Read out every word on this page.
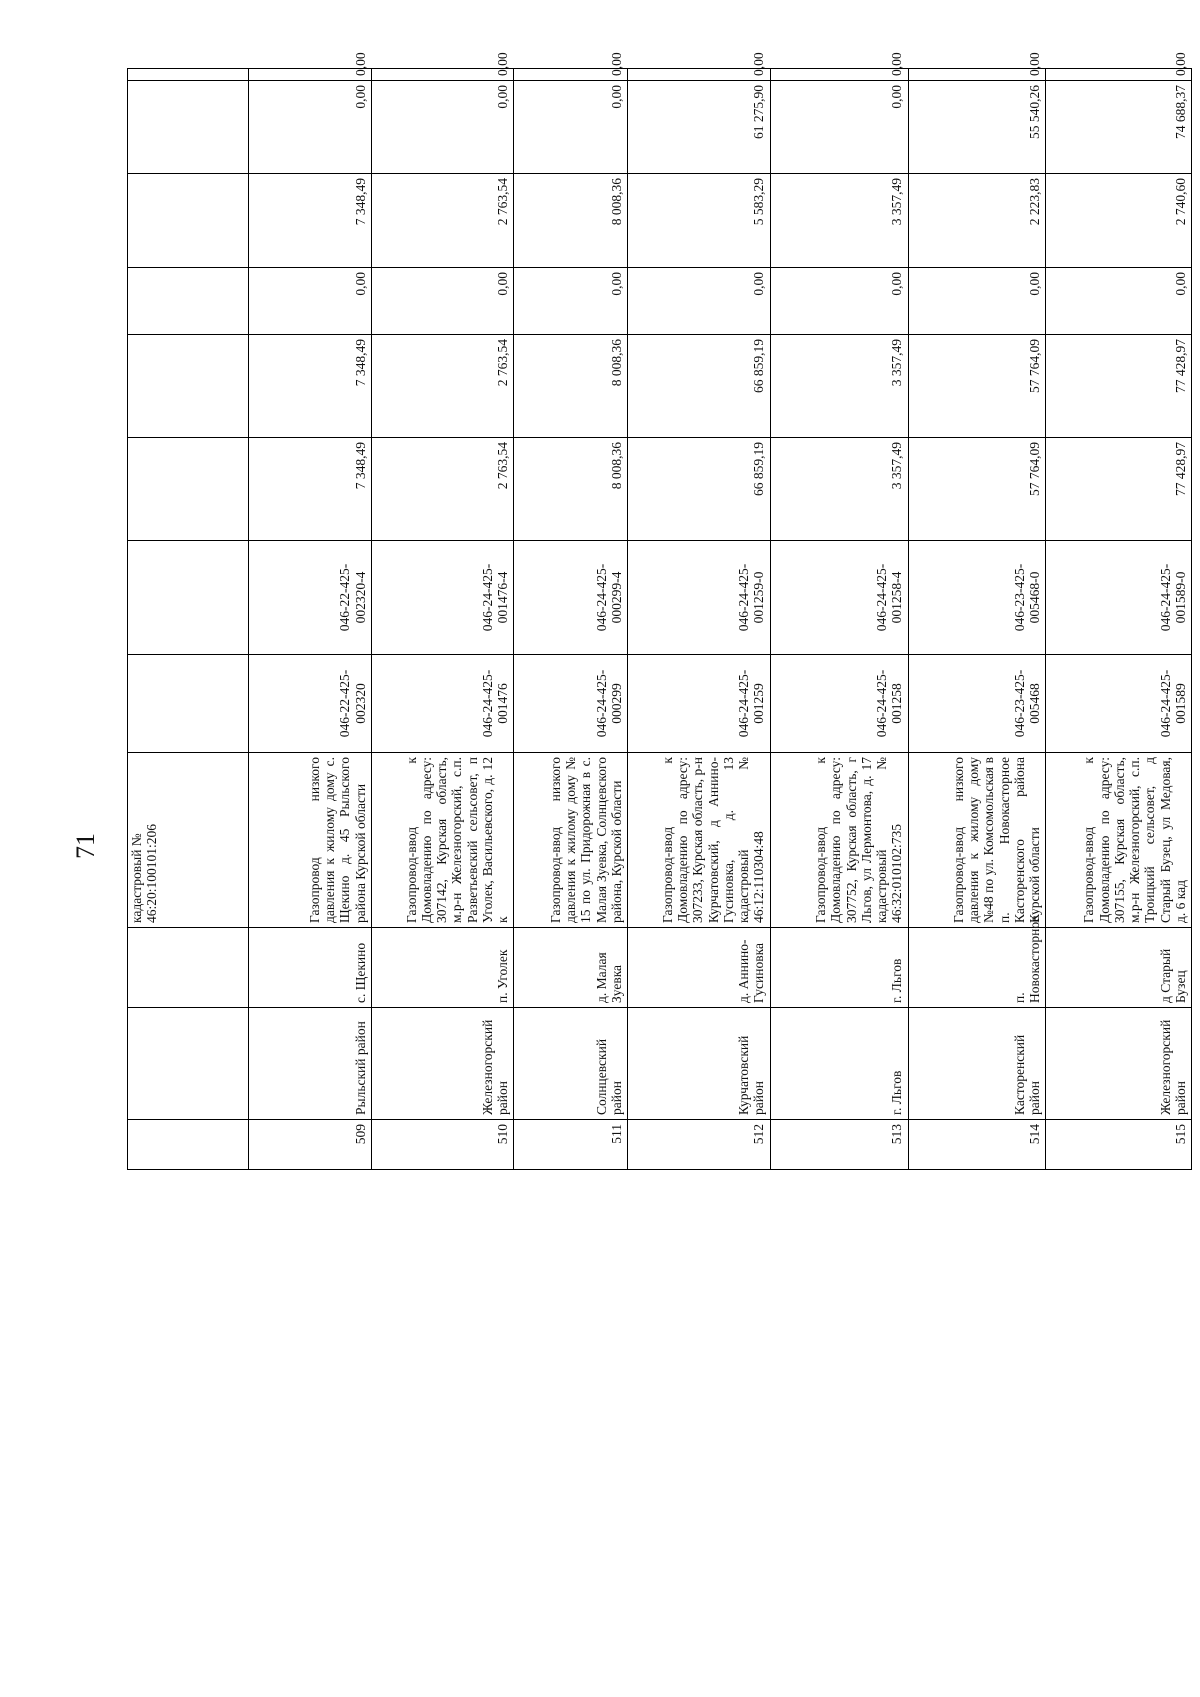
71
			кадастровый №
46:20:100101:206								
509	Рыльский район	с. Щекино	Газопровод низкого давления к жилому дому с. Щекино д. 45 Рыльского района Курской области	046-22-425-002320	046-22-425-002320-4	7 348,49	7 348,49	0,00	7 348,49	0,00	0,00
510	Железногорский район	п. Уголек	Газопровод-ввод к Домовладению по адресу: 307142, Курская область, м.р-н Железногорский, с.п. Разветьевский сельсовет, п Уголек, Васильевского, д. 12 к	046-24-425-001476	046-24-425-001476-4	2 763,54	2 763,54	0,00	2 763,54	0,00	0,00
511	Солнцевский район	д. Малая Зуевка	Газопровод-ввод низкого давления к жилому дому № 15 по ул. Придорожная в с. Малая Зуевка, Солнцевского района, Курской области	046-24-425-000299	046-24-425-000299-4	8 008,36	8 008,36	0,00	8 008,36	0,00	0,00
512	Курчатовский район	д. Аннино-Гусиновка	Газопровод-ввод к Домовладению по адресу: 307233, Курская область, р-н Курчатовский, д Аннино-Гусиновка, д. 13 кадастровый № 46:12:110304:48	046-24-425-001259	046-24-425-001259-0	66 859,19	66 859,19	0,00	5 583,29	61 275,90	0,00
513	г. Льгов	г. Льгов	Газопровод-ввод к Домовладению по адресу: 307752, Курская область, г Льгов, ул Лермонтова, д. 17 кадастровый № 46:32:010102:735	046-24-425-001258	046-24-425-001258-4	3 357,49	3 357,49	0,00	3 357,49	0,00	0,00
514	Касторенский район	п. Новокасторное	Газопровод-ввод низкого давления к жилому дому №48 по ул. Комсомольская в п. Новокасторное Касторенского района Курской области	046-23-425-005468	046-23-425-005468-0	57 764,09	57 764,09	0,00	2 223,83	55 540,26	0,00
515	Железногорский район	д Старый Бузец	Газопровод-ввод к Домовладению по адресу: 307155, Курская область, м.р-н Железногорский, с.п. Троицкий сельсовет, д Старый Бузец, ул Медовая, д. 6 кад	046-24-425-001589	046-24-425-001589-0	77 428,97	77 428,97	0,00	2 740,60	74 688,37	0,00
